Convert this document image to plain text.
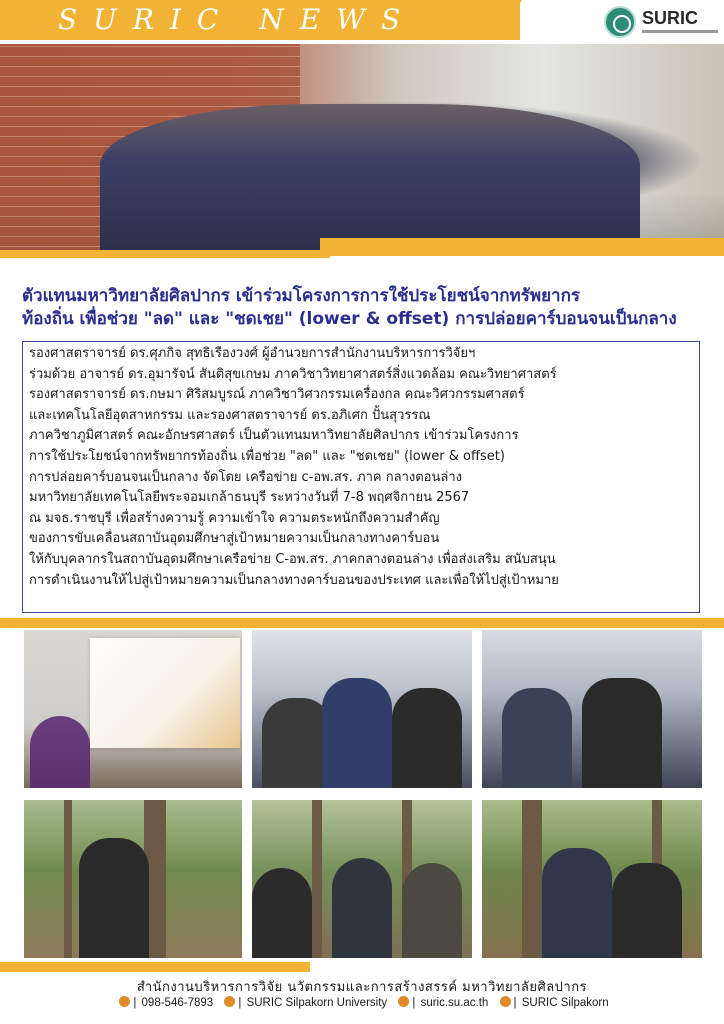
SURIC NEWS	SURIC
ตัวแทนมหาวิทยาลัยศิลปากร เข้าร่วมโครงการการใช้ประโยชน์จากทรัพยากร
ท้องถิ่น เพื่อช่วย "ลด" และ "ชดเชย" (lower & offset) การปล่อยคาร์บอนจนเป็นกลาง
รองศาสตราจารย์ ดร.ศุภกิจ สุทธิเรืองวงศ์ ผู้อำนวยการสำนักงานบริหารการวิจัยฯ
ร่วมด้วย อาจารย์ ดร.อุมารัจน์ สันติสุขเกษม ภาควิชาวิทยาศาสตร์สิ่งแวดล้อม คณะวิทยาศาสตร์
รองศาสตราจารย์ ดร.กษมา ศิริสมบูรณ์ ภาควิชาวิศวกรรมเครื่องกล คณะวิศวกรรมศาสตร์
และเทคโนโลยีอุตสาหกรรม และรองศาสตราจารย์ ดร.อภิเศก ปั้นสุวรรณ
ภาควิชาภูมิศาสตร์ คณะอักษรศาสตร์ เป็นตัวแทนมหาวิทยาลัยศิลปากร เข้าร่วมโครงการ
การใช้ประโยชน์จากทรัพยากรท้องถิ่น เพื่อช่วย "ลด" และ "ชดเชย" (lower & offset)
การปล่อยคาร์บอนจนเป็นกลาง จัดโดย เครือข่าย c-อพ.สร. ภาค กลางตอนล่าง
มหาวิทยาลัยเทคโนโลยีพระจอมเกล้าธนบุรี ระหว่างวันที่ 7-8 พฤศจิกายน 2567
ณ มจธ.ราชบุรี เพื่อสร้างความรู้ ความเข้าใจ ความตระหนักถึงความสำคัญ
ของการขับเคลื่อนสถาบันอุดมศึกษาสู่เป้าหมายความเป็นกลางทางคาร์บอน
ให้กับบุคลากรในสถาบันอุดมศึกษาเครือข่าย C-อพ.สร. ภาคกลางตอนล่าง เพื่อส่งเสริม สนับสนุน
การดำเนินงานให้ไปสู่เป้าหมายความเป็นกลางทางคาร์บอนของประเทศ และเพื่อให้ไปสู่เป้าหมาย
สำนักงานบริหารการวิจัย นวัตกรรมและการสร้างสรรค์ มหาวิทยาลัยศิลปากร
| 098-546-7893 | SURIC Silpakorn University | suric.su.ac.th | SURIC Silpakorn
